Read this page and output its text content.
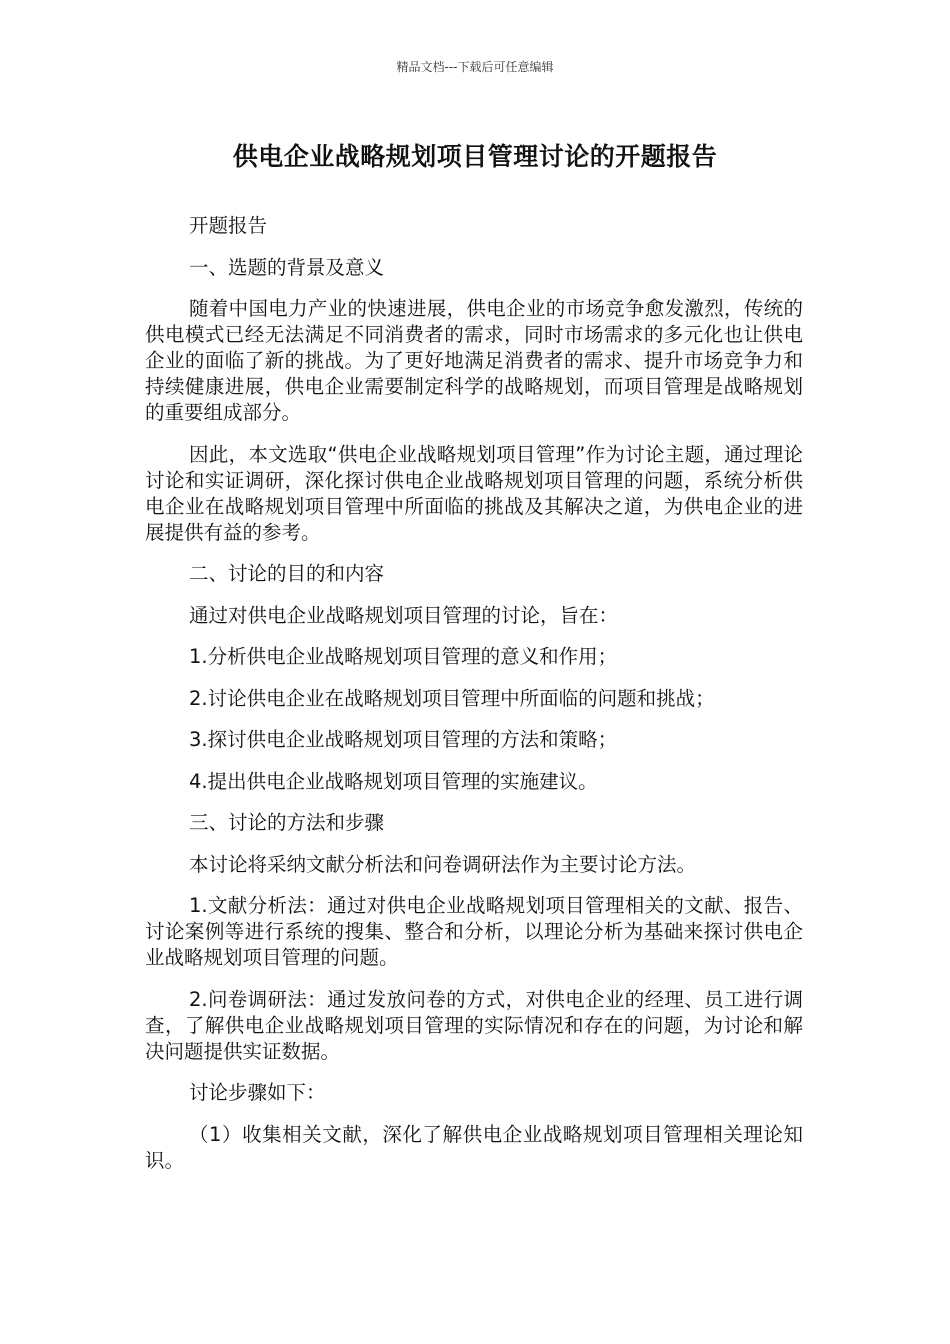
精品文档---下载后可任意编辑
供电企业战略规划项目管理讨论的开题报告

开题报告

一、选题的背景及意义

随着中国电力产业的快速进展，供电企业的市场竞争愈发激烈，传统的供电模式已经无法满足不同消费者的需求，同时市场需求的多元化也让供电企业的面临了新的挑战。为了更好地满足消费者的需求、提升市场竞争力和持续健康进展，供电企业需要制定科学的战略规划，而项目管理是战略规划的重要组成部分。

因此，本文选取“供电企业战略规划项目管理”作为讨论主题，通过理论讨论和实证调研，深化探讨供电企业战略规划项目管理的问题，系统分析供电企业在战略规划项目管理中所面临的挑战及其解决之道，为供电企业的进展提供有益的参考。

二、讨论的目的和内容

通过对供电企业战略规划项目管理的讨论，旨在：

1.分析供电企业战略规划项目管理的意义和作用；

2.讨论供电企业在战略规划项目管理中所面临的问题和挑战；

3.探讨供电企业战略规划项目管理的方法和策略；

4.提出供电企业战略规划项目管理的实施建议。

三、讨论的方法和步骤

本讨论将采纳文献分析法和问卷调研法作为主要讨论方法。

1.文献分析法：通过对供电企业战略规划项目管理相关的文献、报告、讨论案例等进行系统的搜集、整合和分析，以理论分析为基础来探讨供电企业战略规划项目管理的问题。

2.问卷调研法：通过发放问卷的方式，对供电企业的经理、员工进行调查，了解供电企业战略规划项目管理的实际情况和存在的问题，为讨论和解决问题提供实证数据。

讨论步骤如下：

（1）收集相关文献，深化了解供电企业战略规划项目管理相关理论知识。
